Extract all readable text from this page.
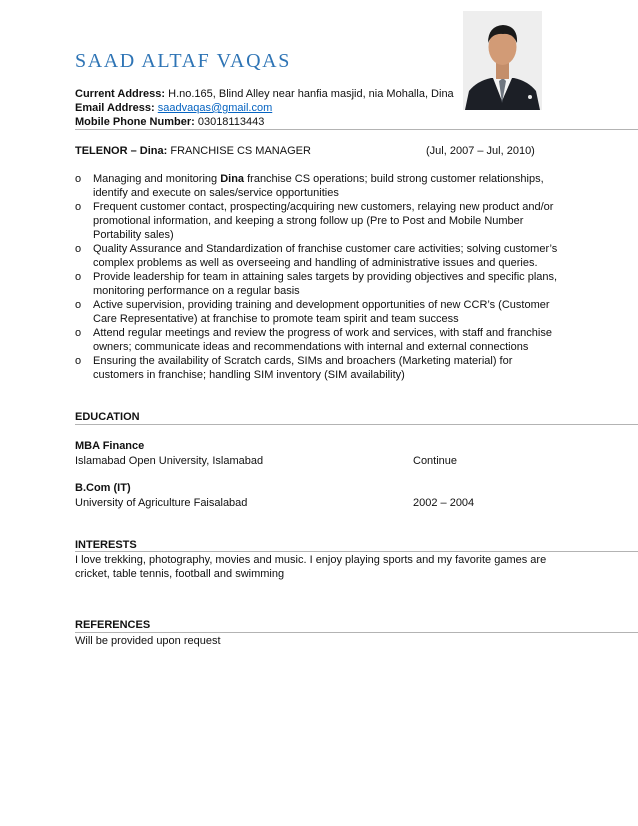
SAAD ALTAF VAQAS
Current Address: H.no.165, Blind Alley near hanfia masjid, nia Mohalla, Dina
Email Address: saadvaqas@gmail.com
Mobile Phone Number: 03018113443
TELENOR – Dina: FRANCHISE CS MANAGER	(Jul, 2007 – Jul, 2010)
o Managing and monitoring Dina franchise CS operations; build strong customer relationships, identify and execute on sales/service opportunities
o Frequent customer contact, prospecting/acquiring new customers, relaying new product and/or promotional information, and keeping a strong follow up (Pre to Post and Mobile Number Portability sales)
o Quality Assurance and Standardization of franchise customer care activities; solving customer’s complex problems as well as overseeing and handling of administrative issues and queries.
o Provide leadership for team in attaining sales targets by providing objectives and specific plans, monitoring performance on a regular basis
o Active supervision, providing training and development opportunities of new CCR’s (Customer Care Representative) at franchise to promote team spirit and team success
o Attend regular meetings and review the progress of work and services, with staff and franchise owners; communicate ideas and recommendations with internal and external connections
o Ensuring the availability of Scratch cards, SIMs and broachers (Marketing material) for customers in franchise; handling SIM inventory (SIM availability)
EDUCATION
MBA Finance
Islamabad Open University, Islamabad	Continue
B.Com (IT)
University of Agriculture Faisalabad	2002 – 2004
INTERESTS
I love trekking, photography, movies and music. I enjoy playing sports and my favorite games are cricket, table tennis, football and swimming
REFERENCES
Will be provided upon request
